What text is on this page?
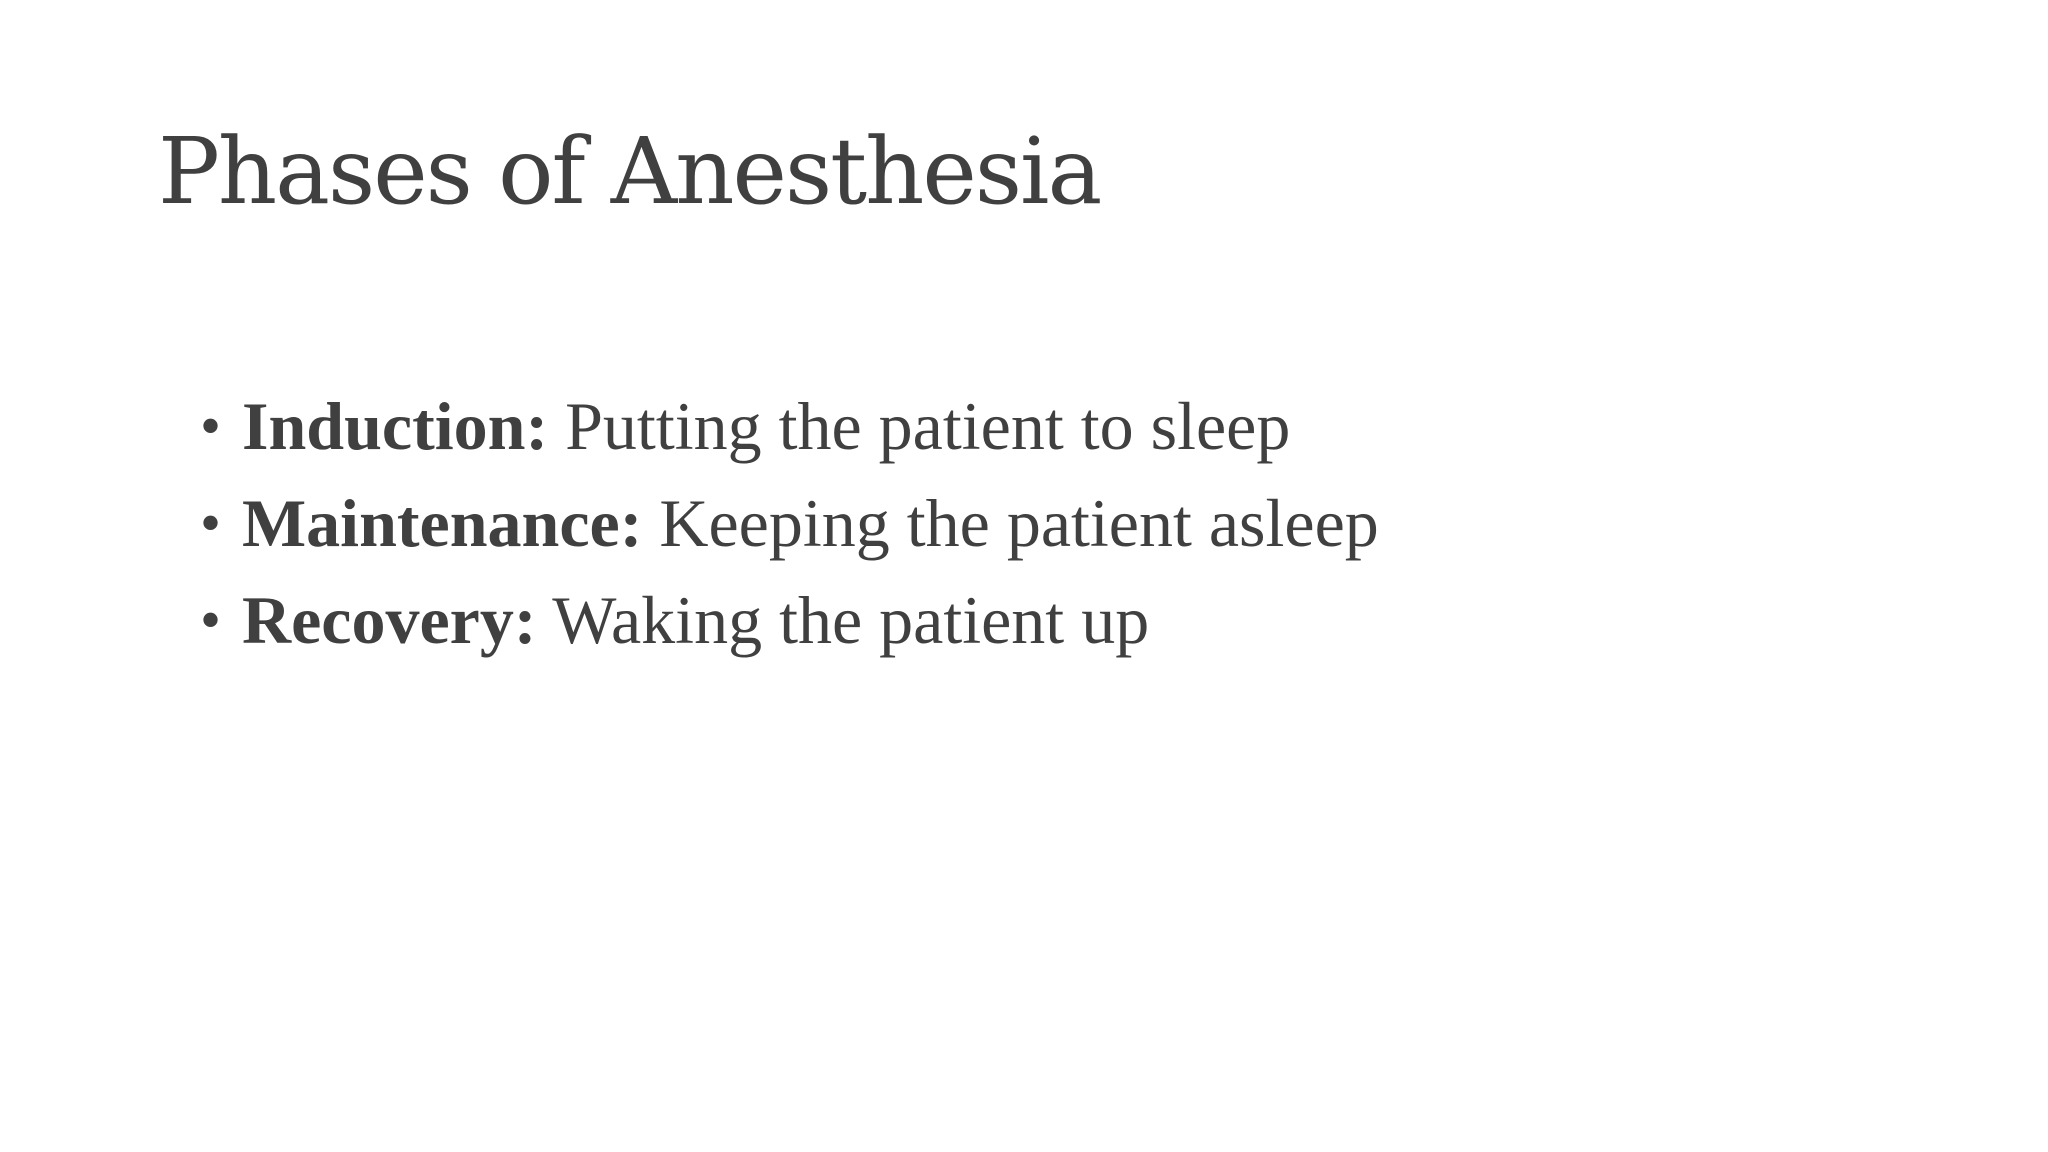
Phases of Anesthesia
• Induction: Putting the patient to sleep
• Maintenance: Keeping the patient asleep
• Recovery: Waking the patient up
